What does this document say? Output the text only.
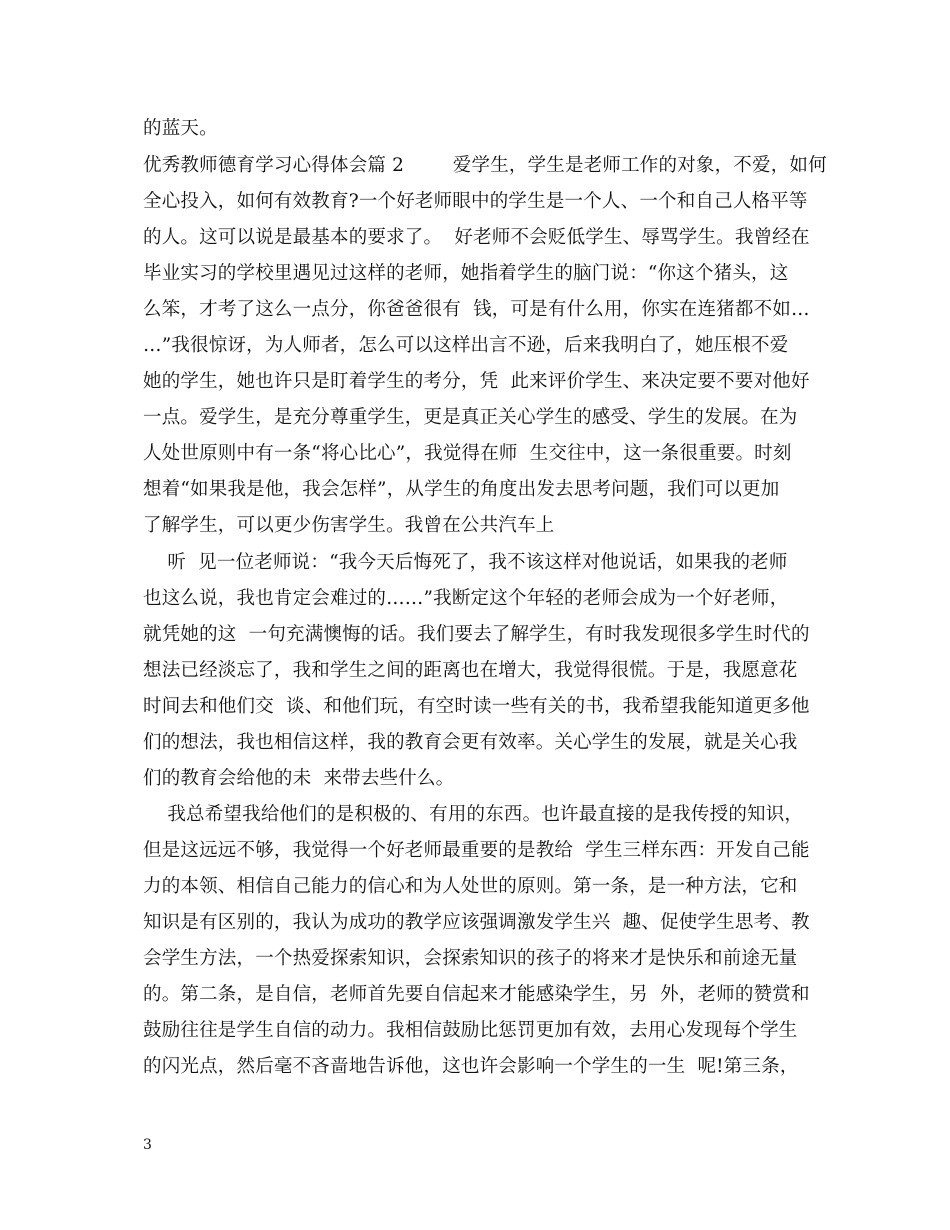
的蓝天。
优秀教师德育学习心得体会篇 2        爱学生，学生是老师工作的对象，不爱，如何
全心投入，如何有效教育?一个好老师眼中的学生是一个人、一个和自己人格平等
的人。这可以说是最基本的要求了。  好老师不会贬低学生、辱骂学生。我曾经在
毕业实习的学校里遇见过这样的老师，她指着学生的脑门说：“你这个猪头，这
么笨，才考了这么一点分，你爸爸很有  钱，可是有什么用，你实在连猪都不如…
…”我很惊讶，为人师者，怎么可以这样出言不逊，后来我明白了，她压根不爱
她的学生，她也许只是盯着学生的考分，凭  此来评价学生、来决定要不要对他好
一点。爱学生，是充分尊重学生，更是真正关心学生的感受、学生的发展。在为
人处世原则中有一条“将心比心”，我觉得在师  生交往中，这一条很重要。时刻
想着“如果我是他，我会怎样”，从学生的角度出发去思考问题，我们可以更加
了解学生，可以更少伤害学生。我曾在公共汽车上
听  见一位老师说：“我今天后悔死了，我不该这样对他说话，如果我的老师
也这么说，我也肯定会难过的……”我断定这个年轻的老师会成为一个好老师，
就凭她的这  一句充满懊悔的话。我们要去了解学生，有时我发现很多学生时代的
想法已经淡忘了，我和学生之间的距离也在增大，我觉得很慌。于是，我愿意花
时间去和他们交  谈、和他们玩，有空时读一些有关的书，我希望我能知道更多他
们的想法，我也相信这样，我的教育会更有效率。关心学生的发展，就是关心我
们的教育会给他的未  来带去些什么。
我总希望我给他们的是积极的、有用的东西。也许最直接的是我传授的知识，
但是这远远不够，我觉得一个好老师最重要的是教给  学生三样东西：开发自己能
力的本领、相信自己能力的信心和为人处世的原则。第一条，是一种方法，它和
知识是有区别的，我认为成功的教学应该强调激发学生兴  趣、促使学生思考、教
会学生方法，一个热爱探索知识，会探索知识的孩子的将来才是快乐和前途无量
的。第二条，是自信，老师首先要自信起来才能感染学生，另  外，老师的赞赏和
鼓励往往是学生自信的动力。我相信鼓励比惩罚更加有效，去用心发现每个学生
的闪光点，然后毫不吝啬地告诉他，这也许会影响一个学生的一生  呢!第三条，
3
